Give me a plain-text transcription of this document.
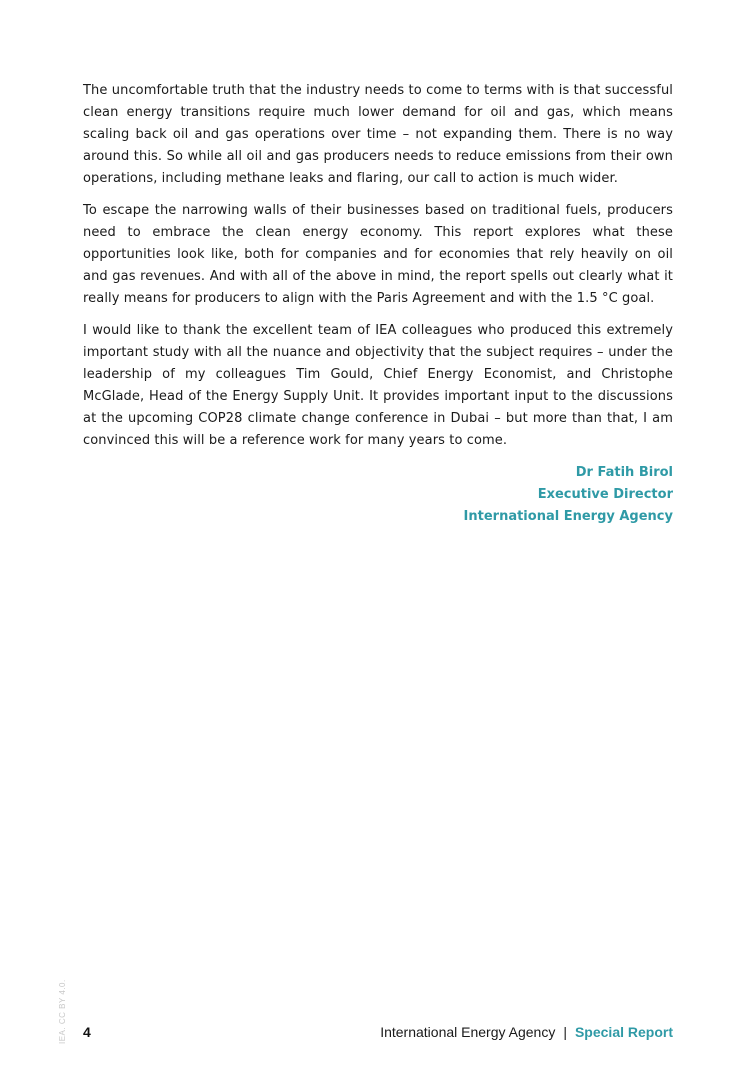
The uncomfortable truth that the industry needs to come to terms with is that successful clean energy transitions require much lower demand for oil and gas, which means scaling back oil and gas operations over time – not expanding them. There is no way around this. So while all oil and gas producers needs to reduce emissions from their own operations, including methane leaks and flaring, our call to action is much wider.

To escape the narrowing walls of their businesses based on traditional fuels, producers need to embrace the clean energy economy. This report explores what these opportunities look like, both for companies and for economies that rely heavily on oil and gas revenues. And with all of the above in mind, the report spells out clearly what it really means for producers to align with the Paris Agreement and with the 1.5 °C goal.

I would like to thank the excellent team of IEA colleagues who produced this extremely important study with all the nuance and objectivity that the subject requires – under the leadership of my colleagues Tim Gould, Chief Energy Economist, and Christophe McGlade, Head of the Energy Supply Unit. It provides important input to the discussions at the upcoming COP28 climate change conference in Dubai – but more than that, I am convinced this will be a reference work for many years to come.

Dr Fatih Birol
Executive Director
International Energy Agency
IEA. CC BY 4.0.	4	International Energy Agency | Special Report
